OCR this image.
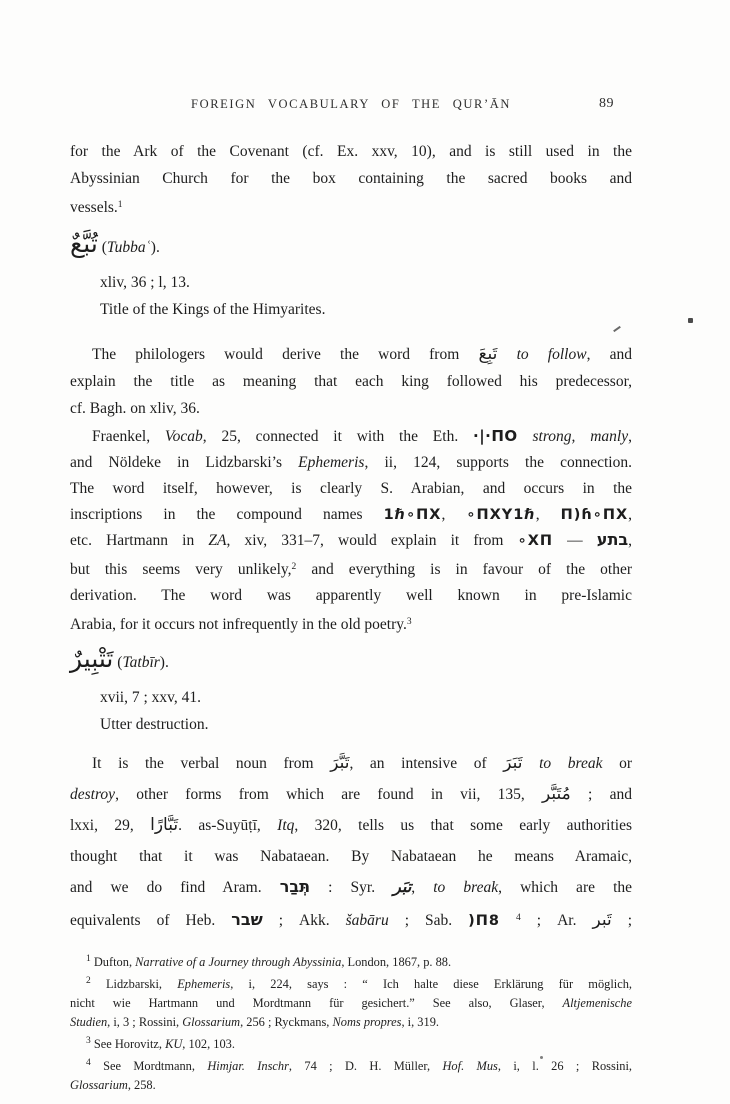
FOREIGN VOCABULARY OF THE QUR’ĀN	89
for the Ark of the Covenant (cf. Ex. xxv, 10), and is still used in the
Abyssinian Church for the box containing the sacred books and
vessels.$^1$
تُبَّعٌ (Tubbaʿ).
xliv, 36 ; l, 13.
Title of the Kings of the Himyarites.
The philologers would derive the word from تَبِعَ to follow, and
explain the title as meaning that each king followed his predecessor,
cf. Bagh. on xliv, 36.
Fraenkel, Vocab, 25, connected it with the Eth. ·|·ΠO strong, manly,
and Nöldeke in Lidzbarski’s Ephemeris, ii, 124, supports the connection.
The word itself, however, is clearly S. Arabian, and occurs in the
inscriptions in the compound names 1ℏ∘ΠX, ∘ΠXΥ1ℏ, Π)ɦ∘ΠX,
etc. Hartmann in ZA, xiv, 331–7, would explain it from ∘XΠ — בתע,
but this seems very unlikely,$^2$ and everything is in favour of the other
derivation. The word was apparently well known in pre-Islamic
Arabia, for it occurs not infrequently in the old poetry.$^3$
تَتْبِيرٌ (Tatbīr).
xvii, 7 ; xxv, 41.
Utter destruction.
It is the verbal noun from تَبَّرَ, an intensive of تَبَرَ to break or
destroy, other forms from which are found in vii, 135, مُتَبَّر ; and
lxxi, 29, تَبَّارًا. as-Suyūṭī, Itq, 320, tells us that some early authorities
thought that it was Nabataean. By Nabataean he means Aramaic,
and we do find Aram. תְּבַר : Syr. تبَر, to break, which are the
equivalents of Heb. שבר ; Akk. šabāru ; Sab. )Π8 $^4$ ; Ar. تَبر ;
$^1$ Dufton, Narrative of a Journey through Abyssinia, London, 1867, p. 88.
$^2$ Lidzbarski, Ephemeris, i, 224, says : “ Ich halte diese Erklärung für möglich,
nicht wie Hartmann und Mordtmann für gesichert.” See also, Glaser, Altjemenische
Studien, i, 3 ; Rossini, Glossarium, 256 ; Ryckmans, Noms propres, i, 319.
$^3$ See Horovitz, KU, 102, 103.
$^4$ See Mordtmann, Himjar. Inschr, 74 ; D. H. Müller, Hof. Mus, i, l. 26 ; Rossini,
Glossarium, 258.
